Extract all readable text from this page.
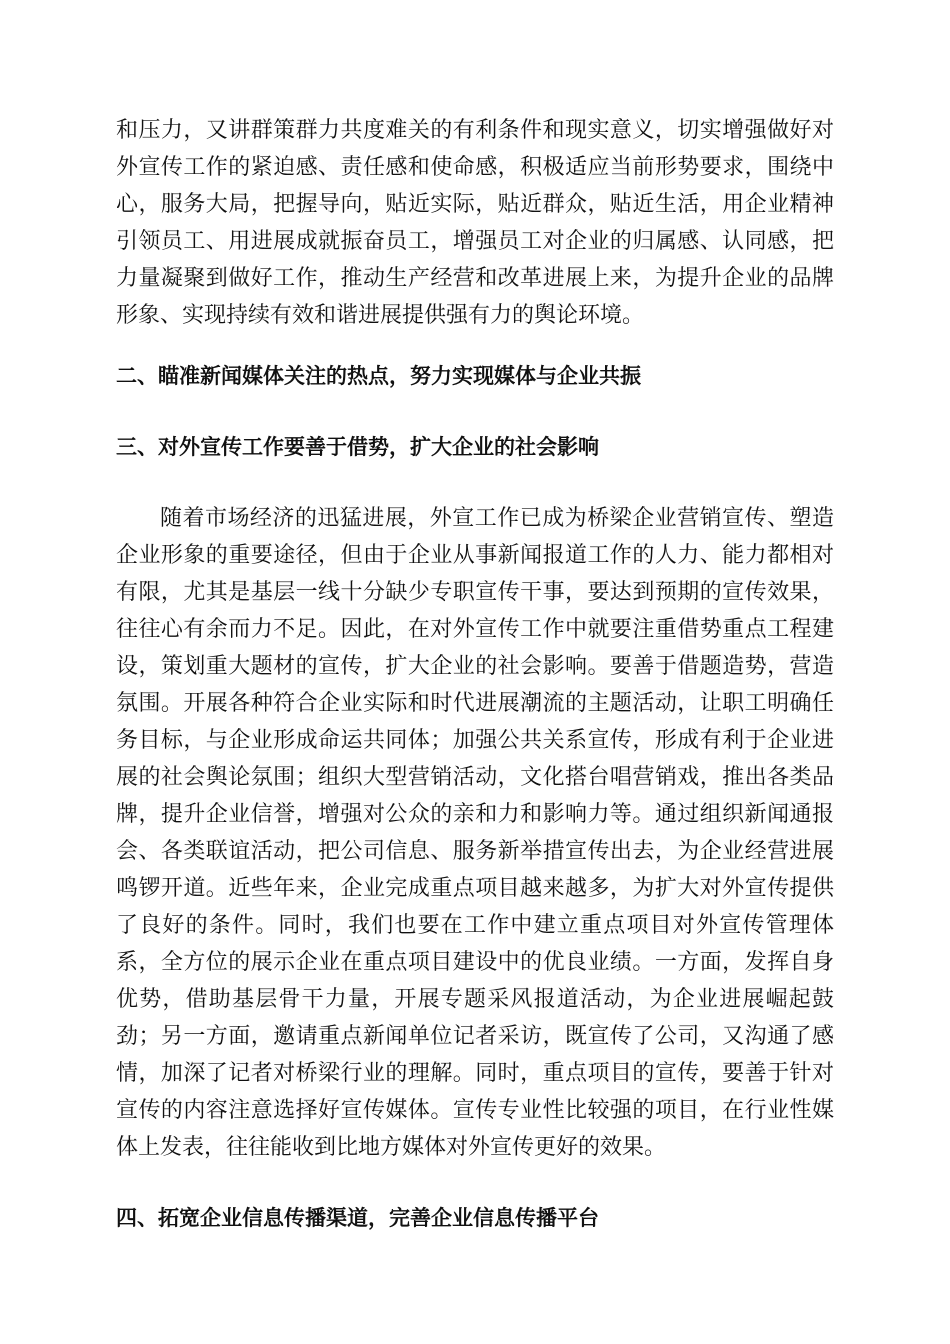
和压力，又讲群策群力共度难关的有利条件和现实意义，切实增强做好对外宣传工作的紧迫感、责任感和使命感，积极适应当前形势要求，围绕中心，服务大局，把握导向，贴近实际，贴近群众，贴近生活，用企业精神引领员工、用进展成就振奋员工，增强员工对企业的归属感、认同感，把力量凝聚到做好工作，推动生产经营和改革进展上来，为提升企业的品牌形象、实现持续有效和谐进展提供强有力的舆论环境。

二、瞄准新闻媒体关注的热点，努力实现媒体与企业共振
三、对外宣传工作要善于借势，扩大企业的社会影响

随着市场经济的迅猛进展，外宣工作已成为桥梁企业营销宣传、塑造企业形象的重要途径，但由于企业从事新闻报道工作的人力、能力都相对有限，尤其是基层一线十分缺少专职宣传干事，要达到预期的宣传效果，往往心有余而力不足。因此，在对外宣传工作中就要注重借势重点工程建设，策划重大题材的宣传，扩大企业的社会影响。要善于借题造势，营造氛围。开展各种符合企业实际和时代进展潮流的主题活动，让职工明确任务目标，与企业形成命运共同体；加强公共关系宣传，形成有利于企业进展的社会舆论氛围；组织大型营销活动，文化搭台唱营销戏，推出各类品牌，提升企业信誉，增强对公众的亲和力和影响力等。通过组织新闻通报会、各类联谊活动，把公司信息、服务新举措宣传出去，为企业经营进展鸣锣开道。近些年来，企业完成重点项目越来越多，为扩大对外宣传提供了良好的条件。同时，我们也要在工作中建立重点项目对外宣传管理体系，全方位的展示企业在重点项目建设中的优良业绩。一方面，发挥自身优势，借助基层骨干力量，开展专题采风报道活动，为企业进展崛起鼓劲；另一方面，邀请重点新闻单位记者采访，既宣传了公司，又沟通了感情，加深了记者对桥梁行业的理解。同时，重点项目的宣传，要善于针对宣传的内容注意选择好宣传媒体。宣传专业性比较强的项目，在行业性媒体上发表，往往能收到比地方媒体对外宣传更好的效果。

四、拓宽企业信息传播渠道，完善企业信息传播平台
